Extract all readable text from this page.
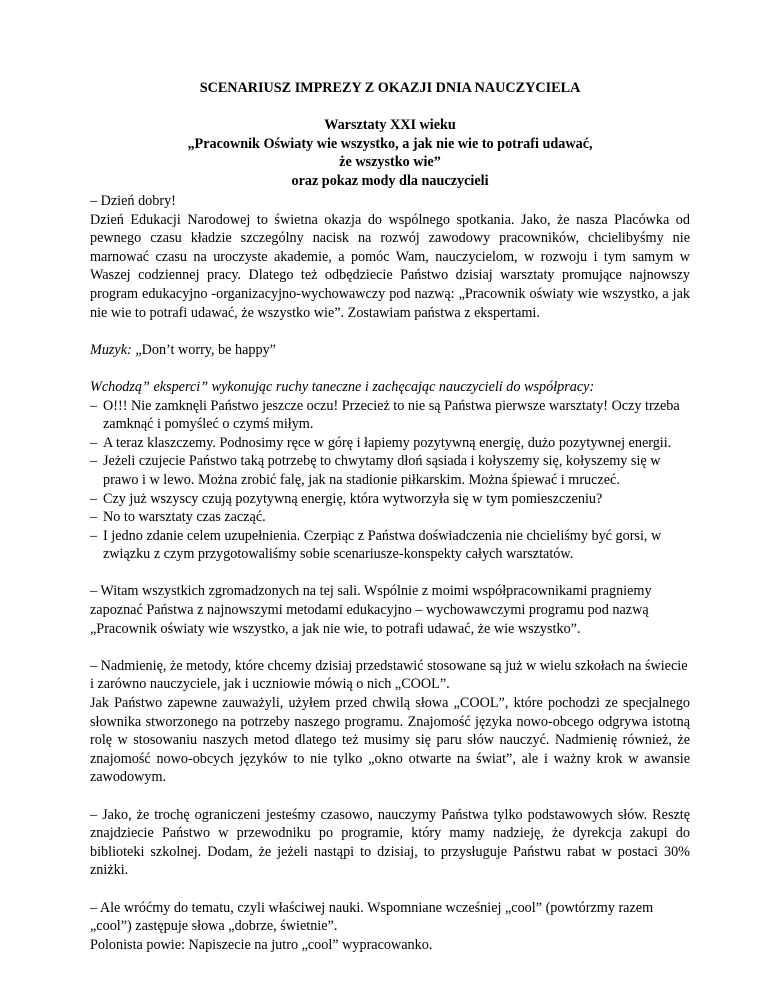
SCENARIUSZ IMPREZY Z OKAZJI DNIA NAUCZYCIELA
Warsztaty XXI wieku
„Pracownik Oświaty wie wszystko, a jak nie wie to potrafi udawać,
że wszystko wie”
oraz pokaz mody dla nauczycieli

– Dzień dobry!

Dzień Edukacji Narodowej to świetna okazja do wspólnego spotkania. Jako, że nasza Placówka od pewnego czasu kładzie szczególny nacisk na rozwój zawodowy pracowników, chcielibyśmy nie marnować czasu na uroczyste akademie, a pomóc Wam, nauczycielom, w rozwoju i tym samym w Waszej codziennej pracy. Dlatego też odbędziecie Państwo dzisiaj warsztaty promujące najnowszy program edukacyjno -organizacyjno-wychowawczy pod nazwą: „Pracownik oświaty wie wszystko, a jak nie wie to potrafi udawać, że wszystko wie”. Zostawiam państwa z ekspertami.

Muzyk: „Don’t worry, be happy”

Wchodzą” eksperci” wykonując ruchy taneczne i zachęcając nauczycieli do współpracy:

– O!!! Nie zamknęli Państwo jeszcze oczu! Przecież to nie są Państwa pierwsze warsztaty! Oczy trzeba zamknąć i pomyśleć o czymś miłym.
– A teraz klaszczemy. Podnosimy ręce w górę i łapiemy pozytywną energię, dużo pozytywnej energii.
– Jeżeli czujecie Państwo taką potrzebę to chwytamy dłoń sąsiada i kołyszemy się, kołyszemy się w prawo i w lewo. Można zrobić falę, jak na stadionie piłkarskim. Można śpiewać i mruczeć.
– Czy już wszyscy czują pozytywną energię, która wytworzyła się w tym pomieszczeniu?
– No to warsztaty czas zacząć.
– I jedno zdanie celem uzupełnienia. Czerpiąc z Państwa doświadczenia nie chcieliśmy być gorsi, w związku z czym przygotowaliśmy sobie scenariusze-konspekty całych warsztatów.

– Witam wszystkich zgromadzonych na tej sali. Wspólnie z moimi współpracownikami pragniemy zapoznać Państwa z najnowszymi metodami edukacyjno – wychowawczymi programu pod nazwą „Pracownik oświaty wie wszystko, a jak nie wie, to potrafi udawać, że wie wszystko”.

– Nadmienię, że metody, które chcemy dzisiaj przedstawić stosowane są już w wielu szkołach na świecie i zarówno nauczyciele, jak i uczniowie mówią o nich „COOL”.

Jak Państwo zapewne zauważyli, użyłem przed chwilą słowa „COOL”, które pochodzi ze specjalnego słownika stworzonego na potrzeby naszego programu. Znajomość języka nowo-obcego odgrywa istotną rolę w stosowaniu naszych metod dlatego też musimy się paru słów nauczyć. Nadmienię również, że znajomość nowo-obcych języków to nie tylko „okno otwarte na świat”, ale i ważny krok w awansie zawodowym.

– Jako, że trochę ograniczeni jesteśmy czasowo, nauczymy Państwa tylko podstawowych słów. Resztę znajdziecie Państwo w przewodniku po programie, który mamy nadzieję, że dyrekcja zakupi do biblioteki szkolnej. Dodam, że jeżeli nastąpi to dzisiaj, to przysługuje Państwu rabat w postaci 30% zniżki.

– Ale wróćmy do tematu, czyli właściwej nauki. Wspomniane wcześniej „cool” (powtórzmy razem „cool”) zastępuje słowa „dobrze, świetnie”.

Polonista powie: Napiszecie na jutro „cool” wypracowanko.
